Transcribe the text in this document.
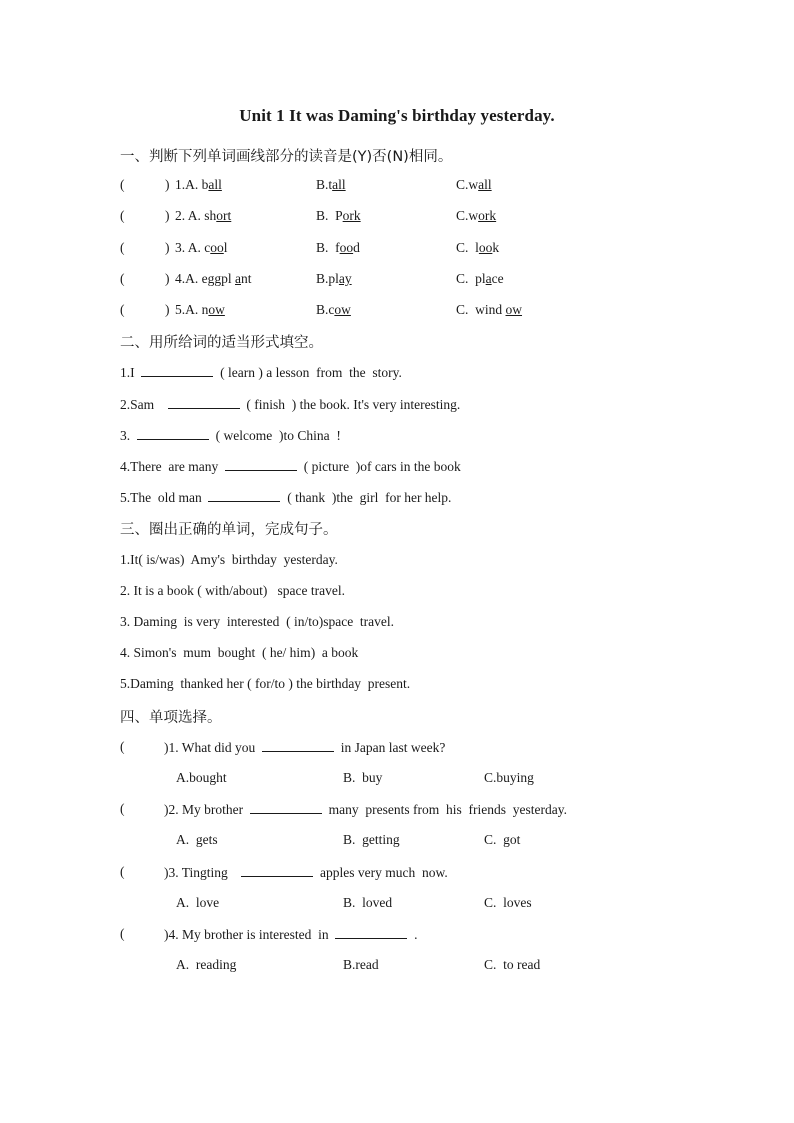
Unit 1 It was Daming's birthday yesterday.
一、判断下列单词画线部分的读音是(Y)否(N)相同。
(	) 1.A. ball	B.tall	C.wall
(	) 2. A. short	B.  Pork	C.work
(	) 3. A. cool	B.  food	C.  look
(	) 4.A. eggpl ant	B.play	C.  place
(	) 5.A. now	B.cow	C.  wind ow
二、用所给词的适当形式填空。
1.I	( learn ) a lesson  from  the  story.
2.Sam	( finish  ) the book. It's very interesting.
3.	( welcome  )to China  !
4.There  are many	( picture  )of cars in the book
5.The  old man	( thank  )the  girl  for her help.
三、圈出正确的单词，完成句子。
1.It( is/was)  Amy's  birthday  yesterday.
2. It is a book ( with/about)   space travel.
3. Daming  is very  interested  ( in/to)space  travel.
4. Simon's  mum  bought  ( he/ him)  a book
5.Daming  thanked her ( for/to ) the birthday  present.
四、单项选择。
(	)1. What did you	in Japan last week?
A.bought	B.  buy	C.buying
(	)2. My brother	many  presents from  his  friends  yesterday.
A.  gets	B.  getting	C.  got
(	)3. Tingting	apples very much  now.
A.  love	B.  loved	C.  loves
(	)4. My brother is interested  in	.
A.  reading	B.read	C.  to read
